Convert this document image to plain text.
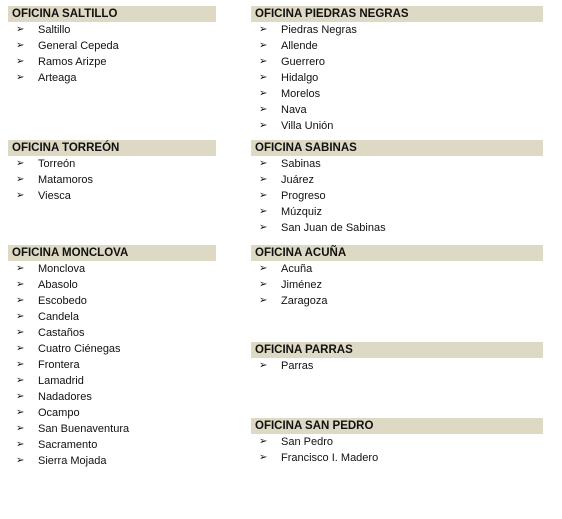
OFICINA SALTILLO
➢ Saltillo
➢ General Cepeda
➢ Ramos Arizpe
➢ Arteaga
OFICINA TORREÓN
➢ Torreón
➢ Matamoros
➢ Viesca
OFICINA MONCLOVA
➢ Monclova
➢ Abasolo
➢ Escobedo
➢ Candela
➢ Castaños
➢ Cuatro Ciénegas
➢ Frontera
➢ Lamadrid
➢ Nadadores
➢ Ocampo
➢ San Buenaventura
➢ Sacramento
➢ Sierra Mojada
OFICINA PIEDRAS NEGRAS
➢ Piedras Negras
➢ Allende
➢ Guerrero
➢ Hidalgo
➢ Morelos
➢ Nava
➢ Villa Unión
OFICINA SABINAS
➢ Sabinas
➢ Juárez
➢ Progreso
➢ Múzquiz
➢ San Juan de Sabinas
OFICINA ACUÑA
➢ Acuña
➢ Jiménez
➢ Zaragoza
OFICINA PARRAS
➢ Parras
OFICINA SAN PEDRO
➢ San Pedro
➢ Francisco I. Madero
